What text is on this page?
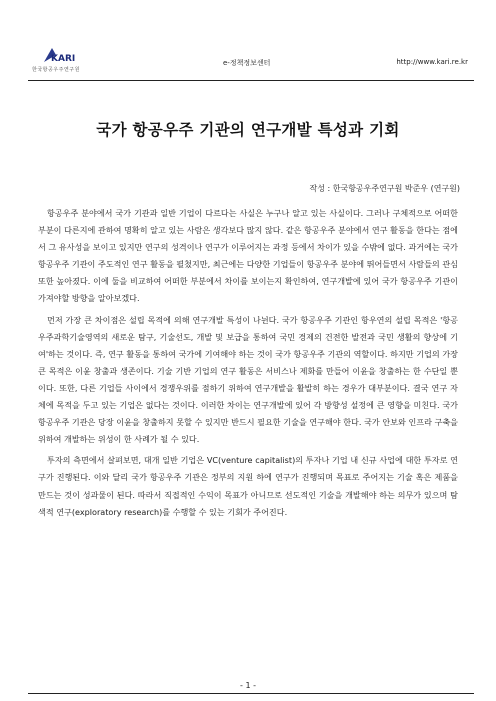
KARI
한국항공우주연구원
e-정책정보센터	http://www.kari.re.kr
국가 항공우주 기관의 연구개발 특성과 기회
작성 : 한국항공우주연구원 박준우 (연구원)

항공우주 분야에서 국가 기관과 일반 기업이 다르다는 사실은 누구나 알고 있는 사실이다. 그러나 구체적으로 어떠한 부분이 다른지에 관하여 명확히 알고 있는 사람은 생각보다 많지 않다. 같은 항공우주 분야에서 연구 활동을 한다는 점에서 그 유사성을 보이고 있지만 연구의 성격이나 연구가 이루어지는 과정 등에서 차이가 있을 수밖에 없다. 과거에는 국가 항공우주 기관이 주도적인 연구 활동을 펼쳤지만, 최근에는 다양한 기업들이 항공우주 분야에 뛰어들면서 사람들의 관심 또한 높아졌다. 이에 둘을 비교하여 어떠한 부분에서 차이를 보이는지 확인하여, 연구개발에 있어 국가 항공우주 기관이 가져야할 방향을 알아보겠다.

먼저 가장 큰 차이점은 설립 목적에 의해 연구개발 특성이 나뉜다. 국가 항공우주 기관인 항우연의 설립 목적은 '항공우주과학기술영역의 새로운 탐구, 기술선도, 개발 및 보급을 통하여 국민 경제의 건전한 발전과 국민 생활의 향상에 기여'하는 것이다. 즉, 연구 활동을 통하여 국가에 기여해야 하는 것이 국가 항공우주 기관의 역할이다. 하지만 기업의 가장 큰 목적은 이윤 창출과 생존이다. 기술 기반 기업의 연구 활동은 서비스나 제화를 만들어 이윤을 창출하는 한 수단일 뿐이다. 또한, 다른 기업들 사이에서 경쟁우위를 점하기 위하여 연구개발을 활발히 하는 경우가 대부분이다. 결국 연구 자체에 목적을 두고 있는 기업은 없다는 것이다. 이러한 차이는 연구개발에 있어 각 방향성 설정에 큰 영향을 미친다. 국가 항공우주 기관은 당장 이윤을 창출하지 못할 수 있지만 반드시 필요한 기술을 연구해야 한다. 국가 안보와 인프라 구축을 위하여 개발하는 위성이 한 사례가 될 수 있다.

투자의 측면에서 살펴보면, 대개 일반 기업은 VC(venture capitalist)의 투자나 기업 내 신규 사업에 대한 투자로 연구가 진행된다. 이와 달리 국가 항공우주 기관은 정부의 지원 하에 연구가 진행되며 목표로 주어지는 기술 혹은 제품을 만드는 것이 성과물이 된다. 따라서 직접적인 수익이 목표가 아니므로 선도적인 기술을 개발해야 하는 의무가 있으며 탐색적 연구(exploratory research)를 수행할 수 있는 기회가 주어진다.

- 1 -
